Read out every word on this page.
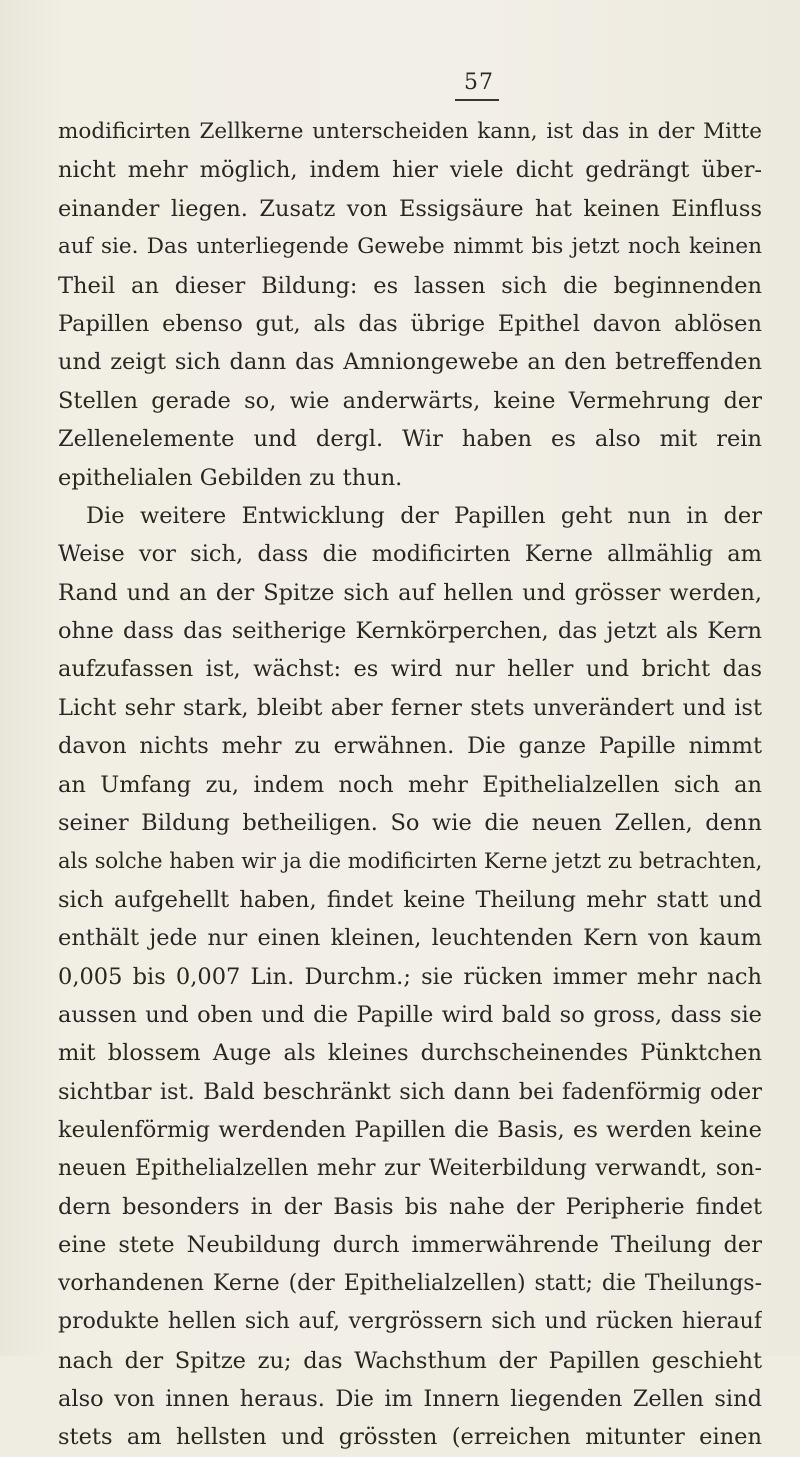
57
modificirten Zellkerne unterscheiden kann, ist das in der Mitte
nicht mehr möglich, indem hier viele dicht gedrängt über-
einander liegen. Zusatz von Essigsäure hat keinen Einfluss
auf sie. Das unterliegende Gewebe nimmt bis jetzt noch keinen
Theil an dieser Bildung: es lassen sich die beginnenden
Papillen ebenso gut, als das übrige Epithel davon ablösen
und zeigt sich dann das Amniongewebe an den betreffenden
Stellen gerade so, wie anderwärts, keine Vermehrung der
Zellenelemente und dergl. Wir haben es also mit rein
epithelialen Gebilden zu thun.
Die weitere Entwicklung der Papillen geht nun in der
Weise vor sich, dass die modificirten Kerne allmählig am
Rand und an der Spitze sich auf hellen und grösser werden,
ohne dass das seitherige Kernkörperchen, das jetzt als Kern
aufzufassen ist, wächst: es wird nur heller und bricht das
Licht sehr stark, bleibt aber ferner stets unverändert und ist
davon nichts mehr zu erwähnen. Die ganze Papille nimmt
an Umfang zu, indem noch mehr Epithelialzellen sich an
seiner Bildung betheiligen. So wie die neuen Zellen, denn
als solche haben wir ja die modificirten Kerne jetzt zu betrachten,
sich aufgehellt haben, findet keine Theilung mehr statt und
enthält jede nur einen kleinen, leuchtenden Kern von kaum
0,005 bis 0,007 Lin. Durchm.; sie rücken immer mehr nach
aussen und oben und die Papille wird bald so gross, dass sie
mit blossem Auge als kleines durchscheinendes Pünktchen
sichtbar ist. Bald beschränkt sich dann bei fadenförmig oder
keulenförmig werdenden Papillen die Basis, es werden keine
neuen Epithelialzellen mehr zur Weiterbildung verwandt, son-
dern besonders in der Basis bis nahe der Peripherie findet
eine stete Neubildung durch immerwährende Theilung der
vorhandenen Kerne (der Epithelialzellen) statt; die Theilungs-
produkte hellen sich auf, vergrössern sich und rücken hierauf
nach der Spitze zu; das Wachsthum der Papillen geschieht
also von innen heraus. Die im Innern liegenden Zellen sind
stets am hellsten und grössten (erreichen mitunter einen
